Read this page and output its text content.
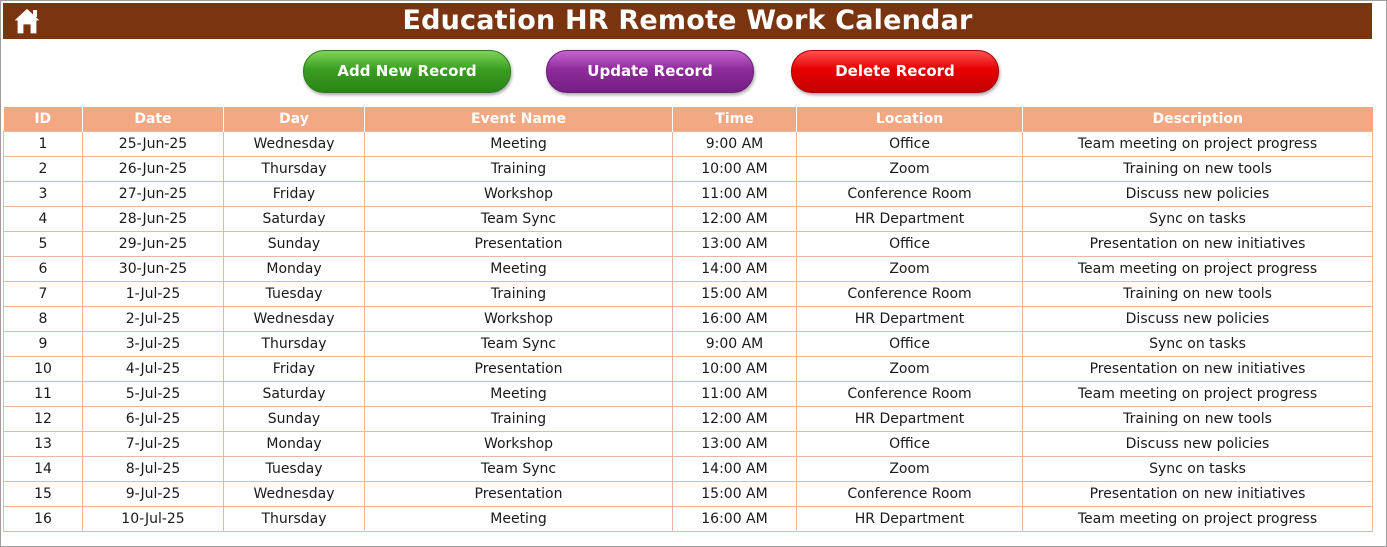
Education HR Remote Work Calendar
Add New Record	Update Record	Delete Record
ID	Date	Day	Event Name	Time	Location	Description
1	25-Jun-25	Wednesday	Meeting	9:00 AM	Office	Team meeting on project progress
2	26-Jun-25	Thursday	Training	10:00 AM	Zoom	Training on new tools
3	27-Jun-25	Friday	Workshop	11:00 AM	Conference Room	Discuss new policies
4	28-Jun-25	Saturday	Team Sync	12:00 AM	HR Department	Sync on tasks
5	29-Jun-25	Sunday	Presentation	13:00 AM	Office	Presentation on new initiatives
6	30-Jun-25	Monday	Meeting	14:00 AM	Zoom	Team meeting on project progress
7	1-Jul-25	Tuesday	Training	15:00 AM	Conference Room	Training on new tools
8	2-Jul-25	Wednesday	Workshop	16:00 AM	HR Department	Discuss new policies
9	3-Jul-25	Thursday	Team Sync	9:00 AM	Office	Sync on tasks
10	4-Jul-25	Friday	Presentation	10:00 AM	Zoom	Presentation on new initiatives
11	5-Jul-25	Saturday	Meeting	11:00 AM	Conference Room	Team meeting on project progress
12	6-Jul-25	Sunday	Training	12:00 AM	HR Department	Training on new tools
13	7-Jul-25	Monday	Workshop	13:00 AM	Office	Discuss new policies
14	8-Jul-25	Tuesday	Team Sync	14:00 AM	Zoom	Sync on tasks
15	9-Jul-25	Wednesday	Presentation	15:00 AM	Conference Room	Presentation on new initiatives
16	10-Jul-25	Thursday	Meeting	16:00 AM	HR Department	Team meeting on project progress
